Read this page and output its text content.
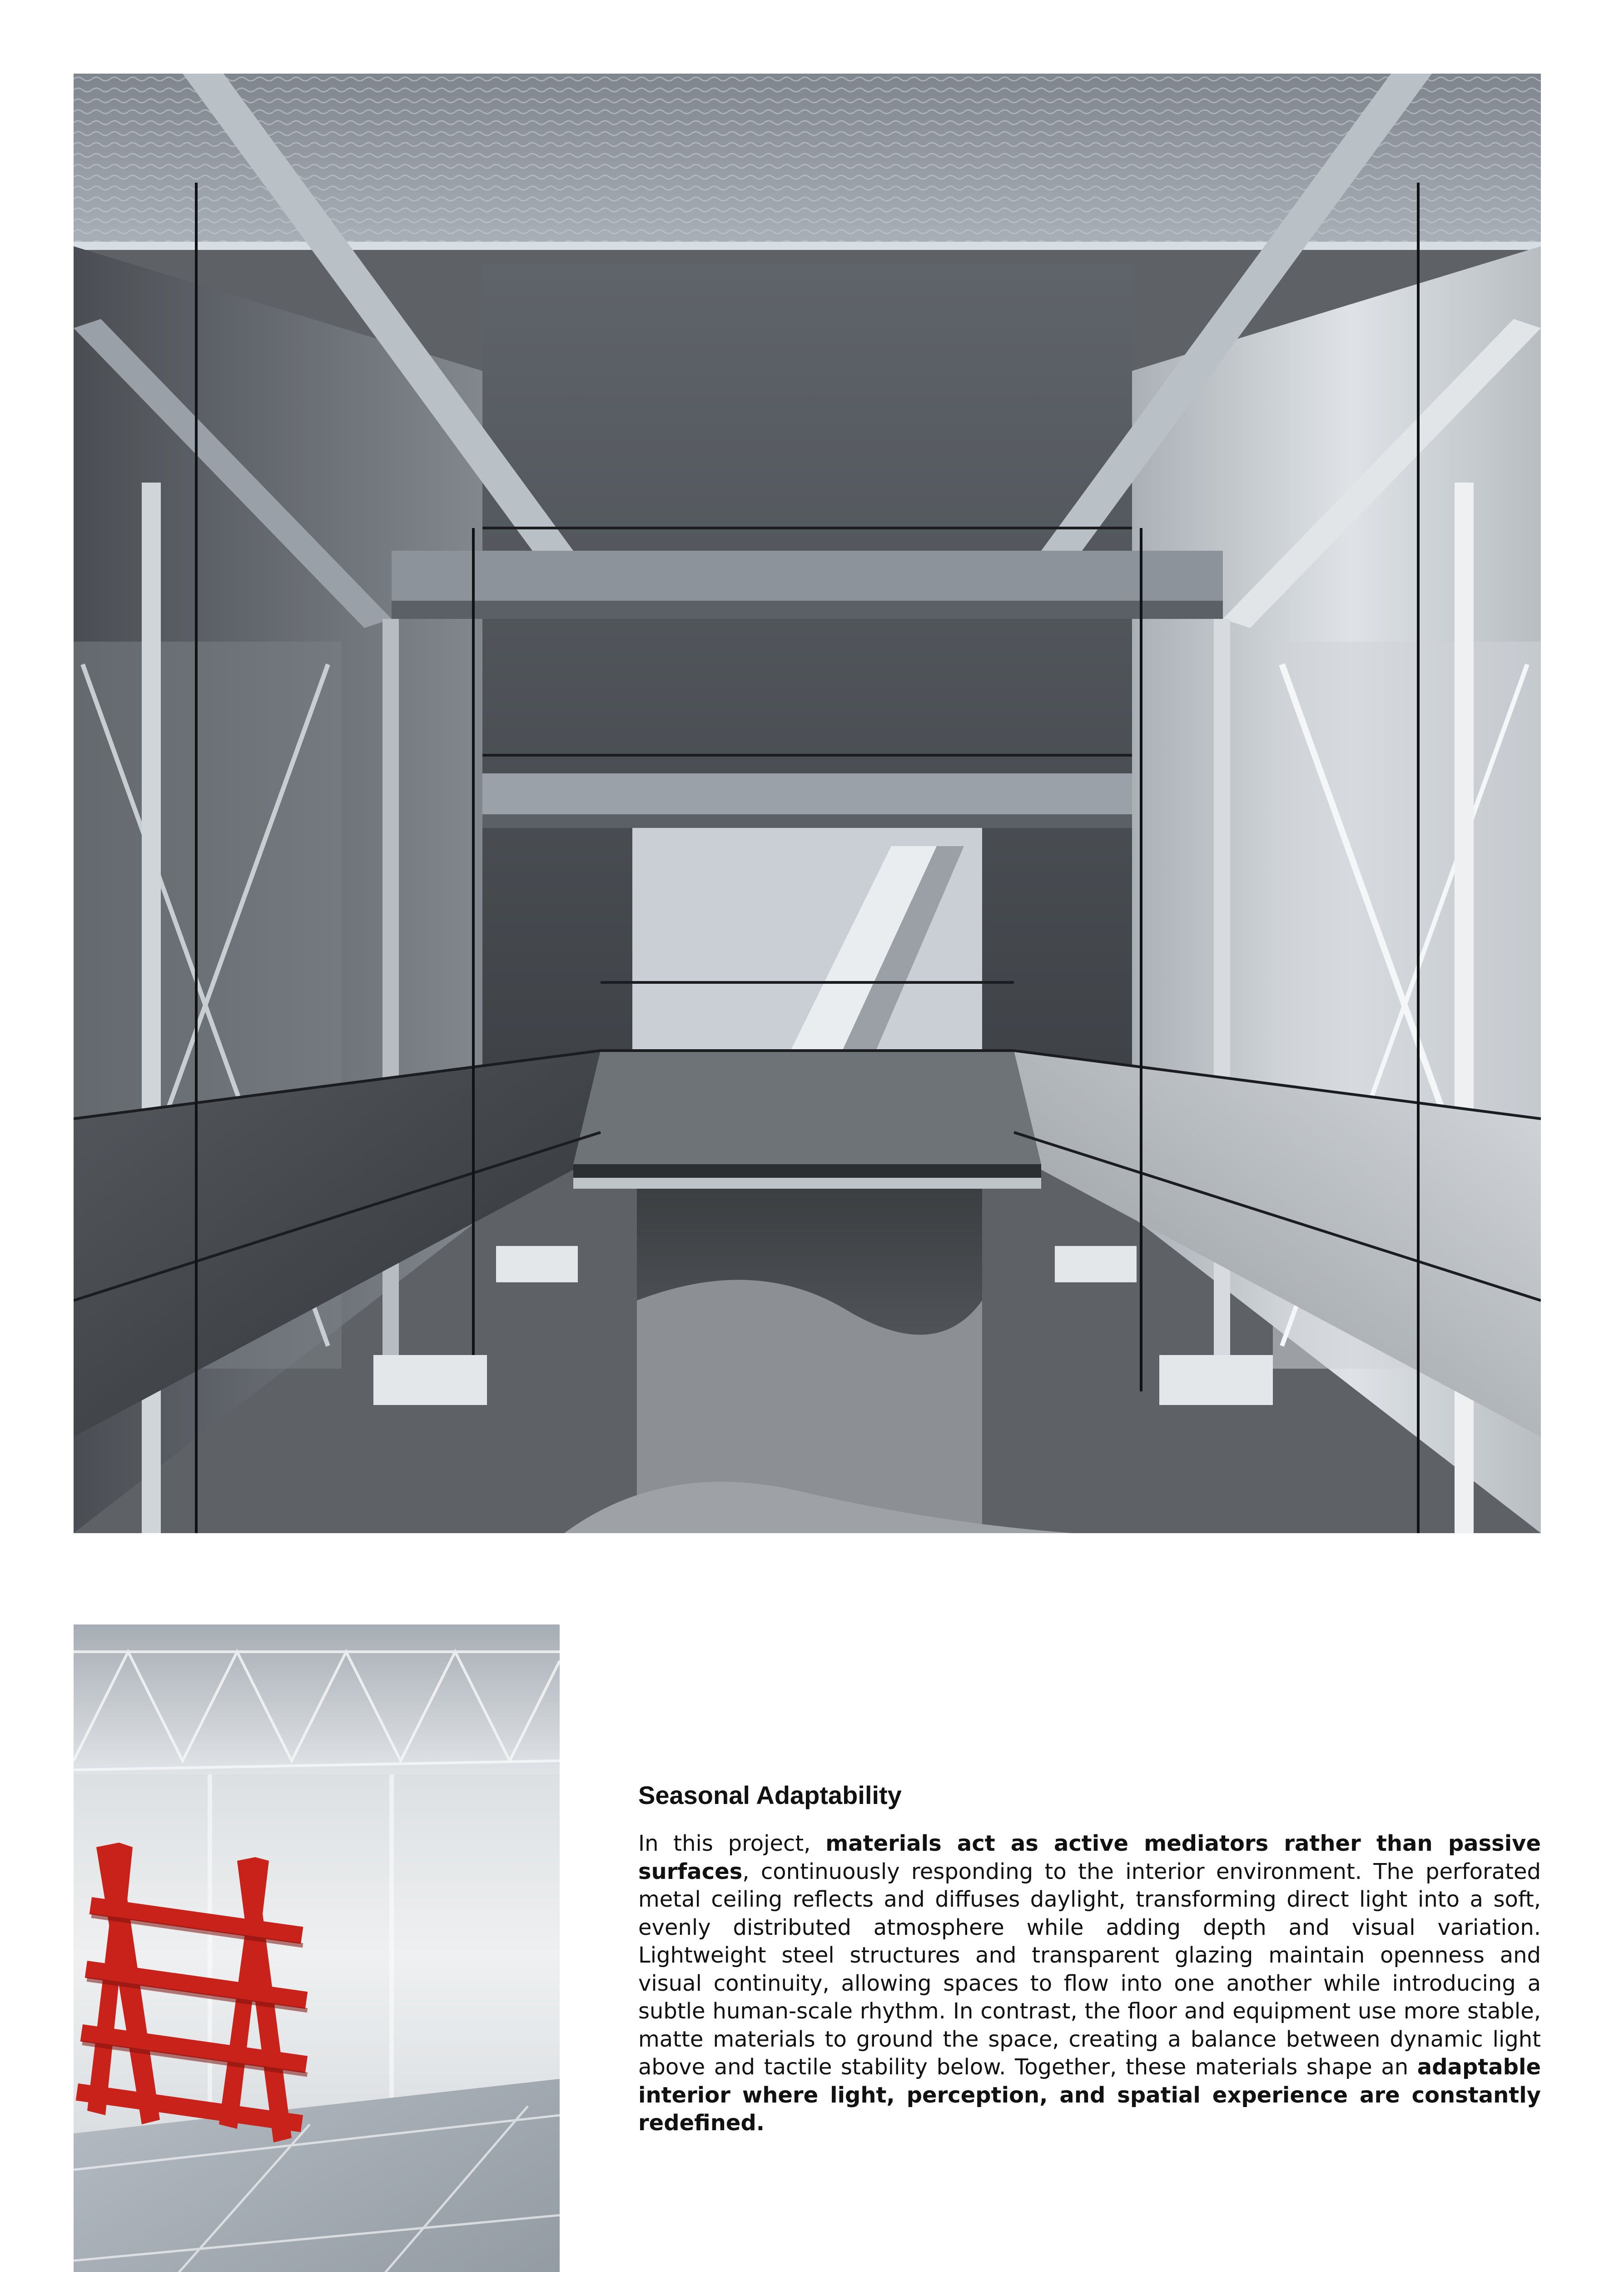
Seasonal Adaptability

In this project, materials act as active mediators rather than passive surfaces, continuously responding to the interior environment. The perforated metal ceiling reflects and diffuses daylight, transforming direct light into a soft, evenly distributed atmosphere while adding depth and visual variation. Lightweight steel structures and transparent glazing maintain openness and visual continuity, allowing spaces to flow into one another while introducing a subtle human-scale rhythm. In contrast, the floor and equipment use more stable, matte materials to ground the space, creating a balance between dynamic light above and tactile stability below. Together, these materials shape an adaptable interior where light, perception, and spatial experience are constantly redefined.
